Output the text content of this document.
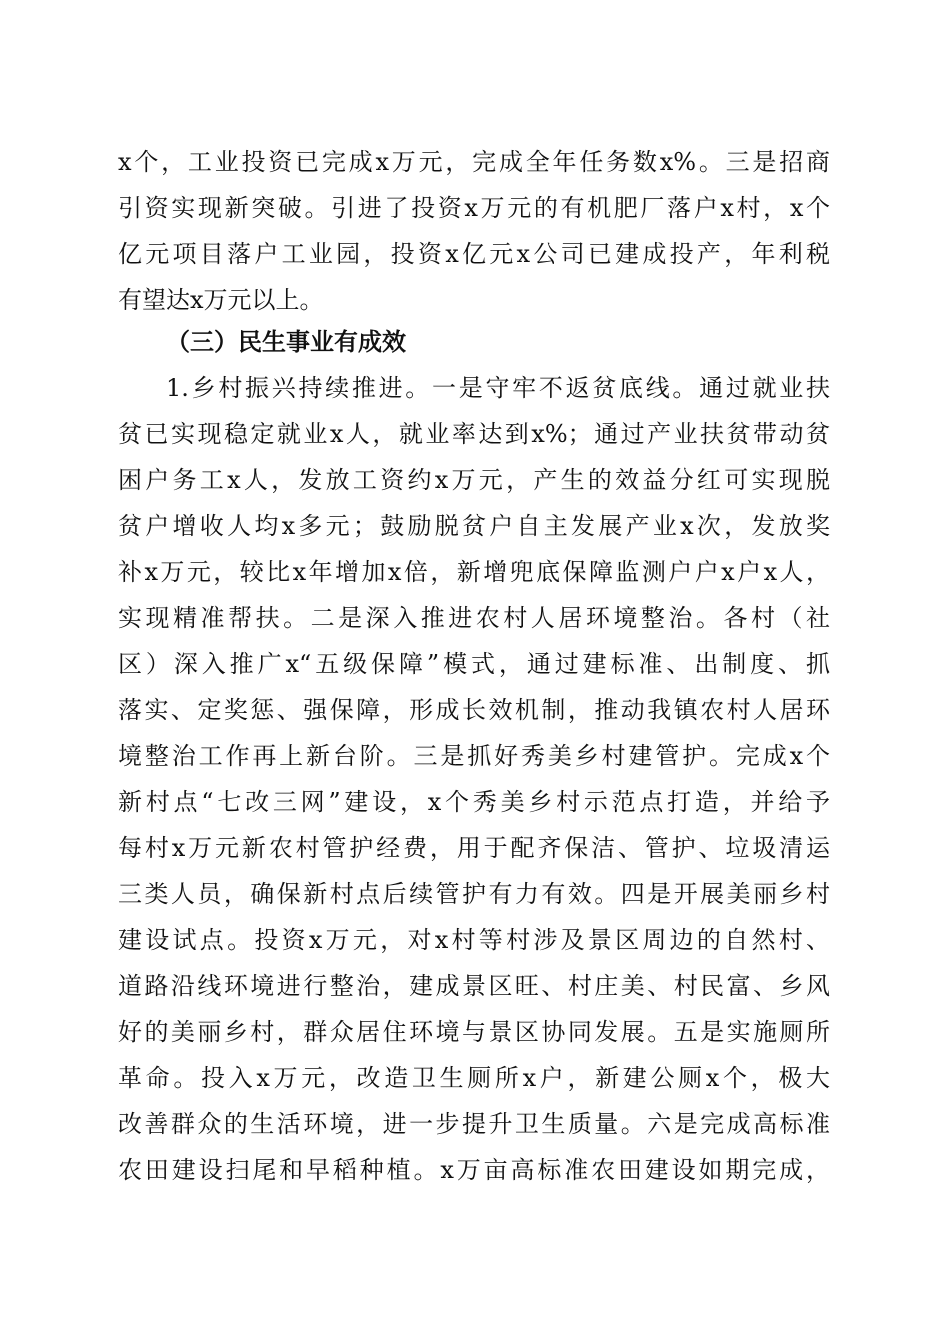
x个，工业投资已完成x万元，完成全年任务数x%。三是招商
引资实现新突破。引进了投资x万元的有机肥厂落户x村，x个
亿元项目落户工业园，投资x亿元x公司已建成投产，年利税
有望达x万元以上。
（三）民生事业有成效
1.乡村振兴持续推进。一是守牢不返贫底线。通过就业扶
贫已实现稳定就业x人，就业率达到x%；通过产业扶贫带动贫
困户务工x人，发放工资约x万元，产生的效益分红可实现脱
贫户增收人均x多元；鼓励脱贫户自主发展产业x次，发放奖
补x万元，较比x年增加x倍，新增兜底保障监测户户x户x人，
实现精准帮扶。二是深入推进农村人居环境整治。各村（社
区）深入推广x“五级保障”模式，通过建标准、出制度、抓
落实、定奖惩、强保障，形成长效机制，推动我镇农村人居环
境整治工作再上新台阶。三是抓好秀美乡村建管护。完成x个
新村点“七改三网”建设，x个秀美乡村示范点打造，并给予
每村x万元新农村管护经费，用于配齐保洁、管护、垃圾清运
三类人员，确保新村点后续管护有力有效。四是开展美丽乡村
建设试点。投资x万元，对x村等村涉及景区周边的自然村、
道路沿线环境进行整治，建成景区旺、村庄美、村民富、乡风
好的美丽乡村，群众居住环境与景区协同发展。五是实施厕所
革命。投入x万元，改造卫生厕所x户，新建公厕x个，极大
改善群众的生活环境，进一步提升卫生质量。六是完成高标准
农田建设扫尾和早稻种植。x万亩高标准农田建设如期完成，
